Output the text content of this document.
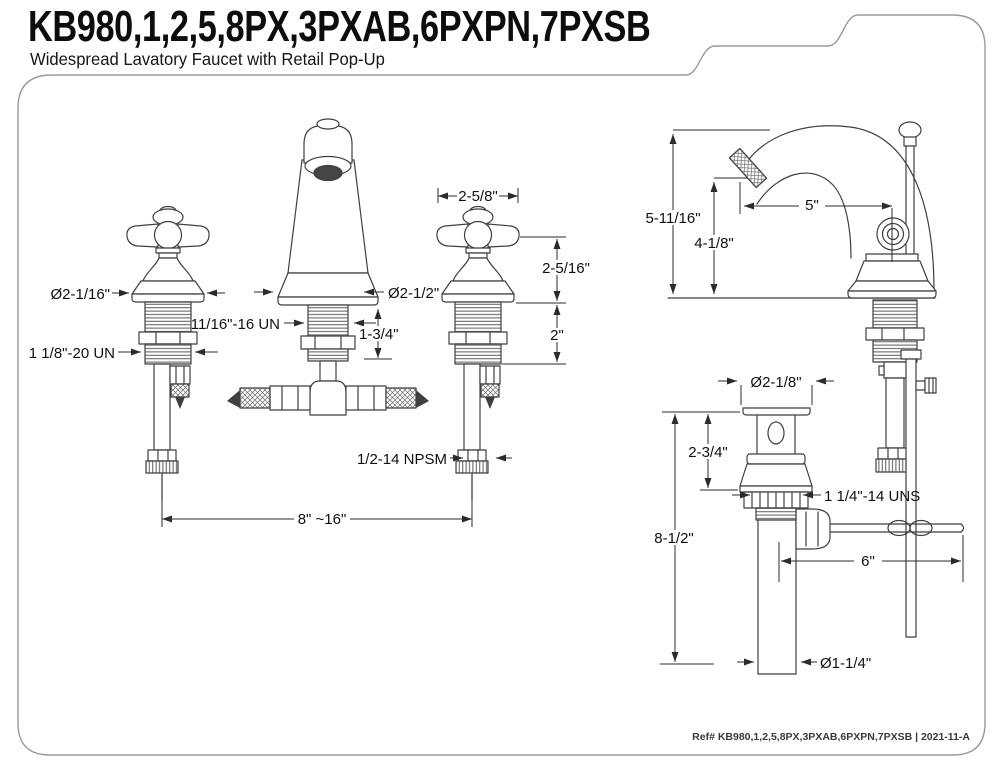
KB980,1,2,5,8PX,3PXAB,6PXPN,7PXSB
Widespread Lavatory Faucet with Retail Pop-Up
Ref# KB980,1,2,5,8PX,3PXAB,6PXPN,7PXSB | 2021-11-A
Ø2-1/16"
1 1/8"-20 UN
Ø2-1/2"
11/16"-16 UN
1-3/4"
2-5/8"
2-5/16"
2"
1/2-14 NPSM
8" ~16"
5-11/16"
4-1/8"
5"
Ø2-1/8"
2-3/4"
8-1/2"
1 1/4"-14 UNS
6"
Ø1-1/4"
